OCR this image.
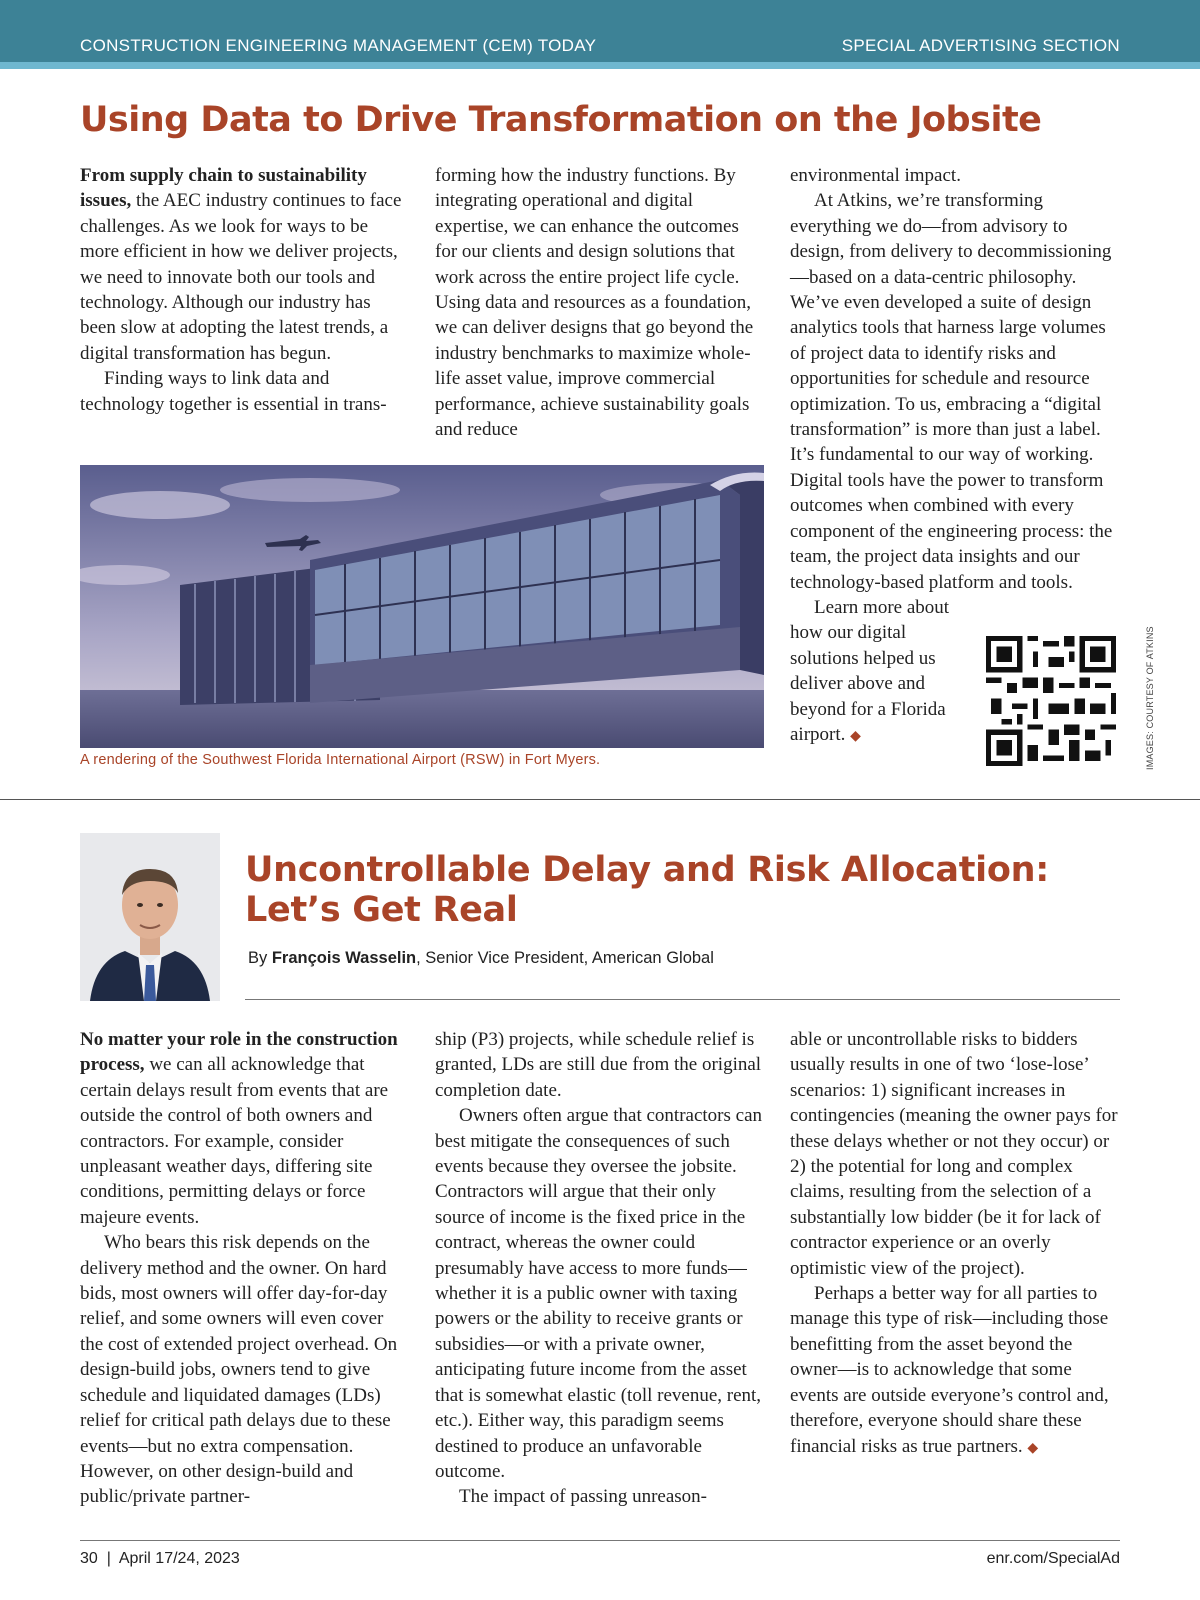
CONSTRUCTION ENGINEERING MANAGEMENT (CEM) TODAY	SPECIAL ADVERTISING SECTION
Using Data to Drive Transformation on the Jobsite

From supply chain to sustainability issues, the AEC industry continues to face challenges. As we look for ways to be more efficient in how we deliver projects, we need to innovate both our tools and technology. Although our industry has been slow at adopting the latest trends, a digital transformation has begun.

Finding ways to link data and technology together is essential in trans-

forming how the industry functions. By integrating operational and digital expertise, we can enhance the outcomes for our clients and design solutions that work across the entire project life cycle. Using data and resources as a foundation, we can deliver designs that go beyond the industry benchmarks to maximize whole-life asset value, improve commercial performance, achieve sustainability goals and reduce

environmental impact.

At Atkins, we’re transforming everything we do—from advisory to design, from delivery to decommissioning—based on a data-centric philosophy. We’ve even developed a suite of design analytics tools that harness large volumes of project data to identify risks and opportunities for schedule and resource optimization. To us, embracing a “digital transformation” is more than just a label. It’s fundamental to our way of working. Digital tools have the power to transform outcomes when combined with every component of the engineering process: the team, the project data insights and our technology-based platform and tools.

Learn more about how our digital solutions helped us deliver above and beyond for a Florida airport. ◆

A rendering of the Southwest Florida International Airport (RSW) in Fort Myers.	IMAGES: COURTESY OF ATKINS
Uncontrollable Delay and Risk Allocation:
Let’s Get Real
By François Wasselin, Senior Vice President, American Global

No matter your role in the construction process, we can all acknowledge that certain delays result from events that are outside the control of both owners and contractors. For example, consider unpleasant weather days, differing site conditions, permitting delays or force majeure events.

Who bears this risk depends on the delivery method and the owner. On hard bids, most owners will offer day-for-day relief, and some owners will even cover the cost of extended project overhead. On design-build jobs, owners tend to give schedule and liquidated damages (LDs) relief for critical path delays due to these events—but no extra compensation. However, on other design-build and public/private partner-

ship (P3) projects, while schedule relief is granted, LDs are still due from the original completion date.

Owners often argue that contractors can best mitigate the consequences of such events because they oversee the jobsite. Contractors will argue that their only source of income is the fixed price in the contract, whereas the owner could presumably have access to more funds—whether it is a public owner with taxing powers or the ability to receive grants or subsidies—or with a private owner, anticipating future income from the asset that is somewhat elastic (toll revenue, rent, etc.). Either way, this paradigm seems destined to produce an unfavorable outcome.

The impact of passing unreason-

able or uncontrollable risks to bidders usually results in one of two ‘lose-lose’ scenarios: 1) significant increases in contingencies (meaning the owner pays for these delays whether or not they occur) or 2) the potential for long and complex claims, resulting from the selection of a substantially low bidder (be it for lack of contractor experience or an overly optimistic view of the project).

Perhaps a better way for all parties to manage this type of risk—including those benefitting from the asset beyond the owner—is to acknowledge that some events are outside everyone’s control and, therefore, everyone should share these financial risks as true partners. ◆

30  |  April 17/24, 2023	enr.com/SpecialAd
